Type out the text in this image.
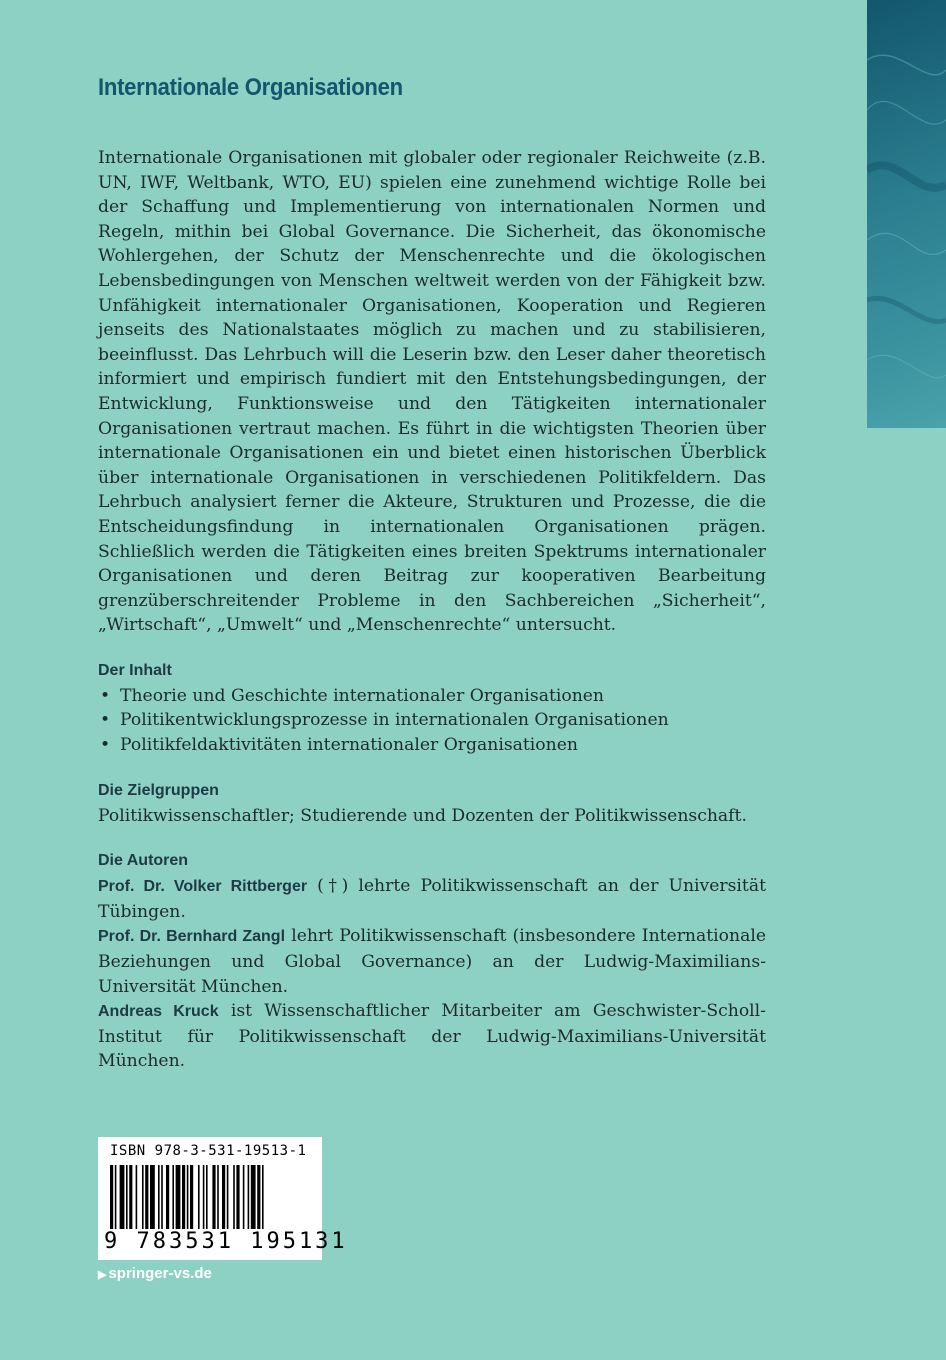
Internationale Organisationen

Internationale Organisationen mit globaler oder regionaler Reichweite (z.B. UN, IWF, Weltbank, WTO, EU) spielen eine zunehmend wichtige Rolle bei der Schaffung und Implementierung von internationalen Normen und Regeln, mithin bei Global Governance. Die Sicherheit, das ökonomische Wohlergehen, der Schutz der Menschenrechte und die ökologischen Lebensbedingungen von Menschen weltweit werden von der Fähigkeit bzw. Unfähigkeit internationaler Organisationen, Kooperation und Regieren jenseits des Nationalstaates möglich zu machen und zu stabilisieren, beeinflusst. Das Lehrbuch will die Leserin bzw. den Leser daher theoretisch informiert und empirisch fundiert mit den Entstehungsbedingungen, der Entwicklung, Funktionsweise und den Tätigkeiten internationaler Organisationen vertraut machen. Es führt in die wichtigsten Theorien über internationale Organisationen ein und bietet einen historischen Überblick über internationale Organisationen in verschiedenen Politikfeldern. Das Lehrbuch analysiert ferner die Akteure, Strukturen und Prozesse, die die Entscheidungsfindung in internationalen Organisationen prägen. Schließlich werden die Tätigkeiten eines breiten Spektrums internationaler Organisationen und deren Beitrag zur kooperativen Bearbeitung grenzüberschreitender Probleme in den Sachbereichen „Sicherheit“, „Wirtschaft“, „Umwelt“ und „Menschenrechte“ untersucht.

Der Inhalt
• Theorie und Geschichte internationaler Organisationen
• Politikentwicklungsprozesse in internationalen Organisationen
• Politikfeldaktivitäten internationaler Organisationen
Die Zielgruppen

Politikwissenschaftler; Studierende und Dozenten der Politikwissenschaft.

Die Autoren

Prof. Dr. Volker Rittberger (†) lehrte Politikwissenschaft an der Universität Tübingen.

Prof. Dr. Bernhard Zangl lehrt Politikwissenschaft (insbesondere Internationale Beziehungen und Global Governance) an der Ludwig-Maximilians-Universität München.

Andreas Kruck ist Wissenschaftlicher Mitarbeiter am Geschwister-Scholl-Institut für Politikwissenschaft der Ludwig-Maximilians-Universität München.

ISBN 978-3-531-19513-1
9 783531 195131
▶ springer-vs.de
